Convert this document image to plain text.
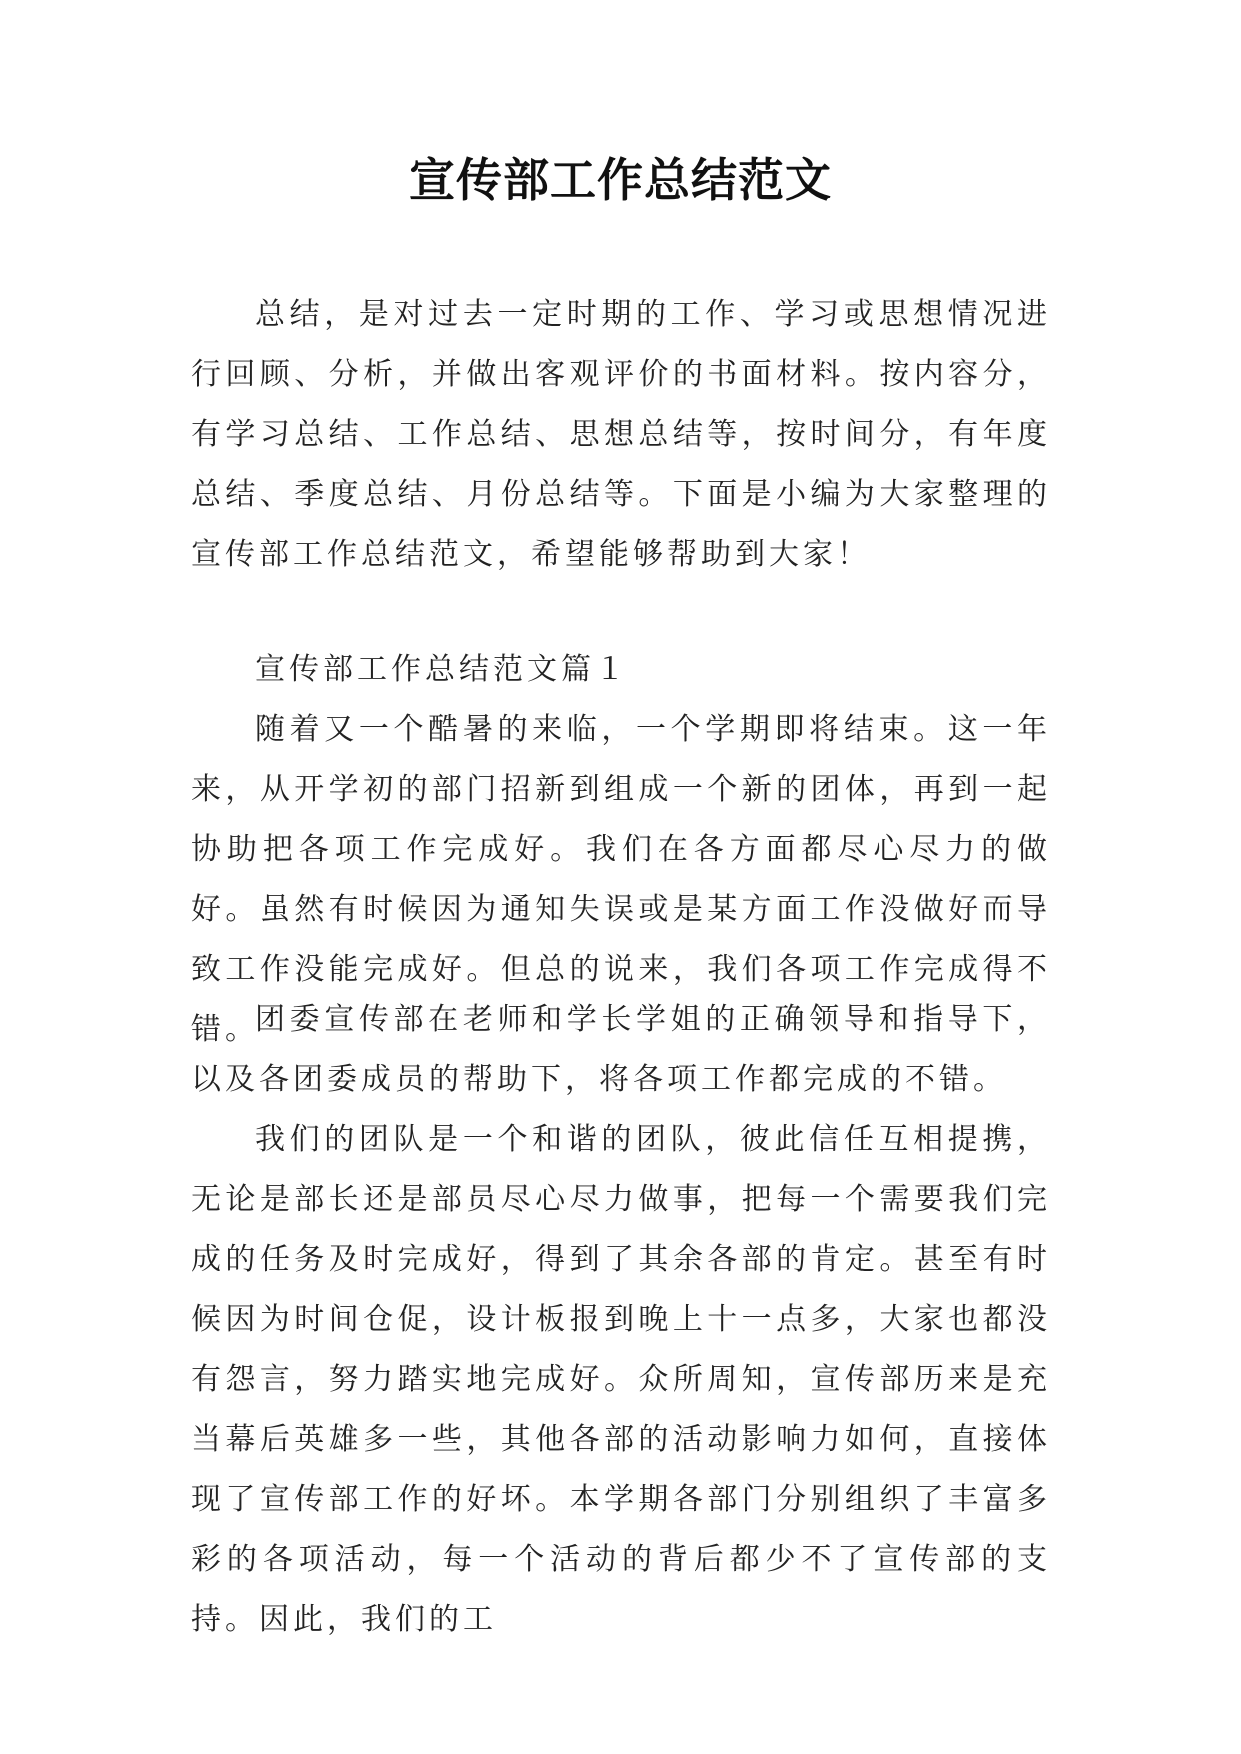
宣传部工作总结范文

总结，是对过去一定时期的工作、学习或思想情况进行回顾、分析，并做出客观评价的书面材料。按内容分，有学习总结、工作总结、思想总结等，按时间分，有年度总结、季度总结、月份总结等。下面是小编为大家整理的宣传部工作总结范文，希望能够帮助到大家！

宣传部工作总结范文篇１

随着又一个酷暑的来临，一个学期即将结束。这一年来，从开学初的部门招新到组成一个新的团体，再到一起协助把各项工作完成好。我们在各方面都尽心尽力的做好。虽然有时候因为通知失误或是某方面工作没做好而导致工作没能完成好。但总的说来，我们各项工作完成得不错。

团委宣传部在老师和学长学姐的正确领导和指导下，以及各团委成员的帮助下，将各项工作都完成的不错。

我们的团队是一个和谐的团队，彼此信任互相提携，无论是部长还是部员尽心尽力做事，把每一个需要我们完成的任务及时完成好，得到了其余各部的肯定。甚至有时候因为时间仓促，设计板报到晚上十一点多，大家也都没有怨言，努力踏实地完成好。众所周知，宣传部历来是充当幕后英雄多一些，其他各部的活动影响力如何，直接体现了宣传部工作的好坏。本学期各部门分别组织了丰富多彩的各项活动，每一个活动的背后都少不了宣传部的支持。因此，我们的工
